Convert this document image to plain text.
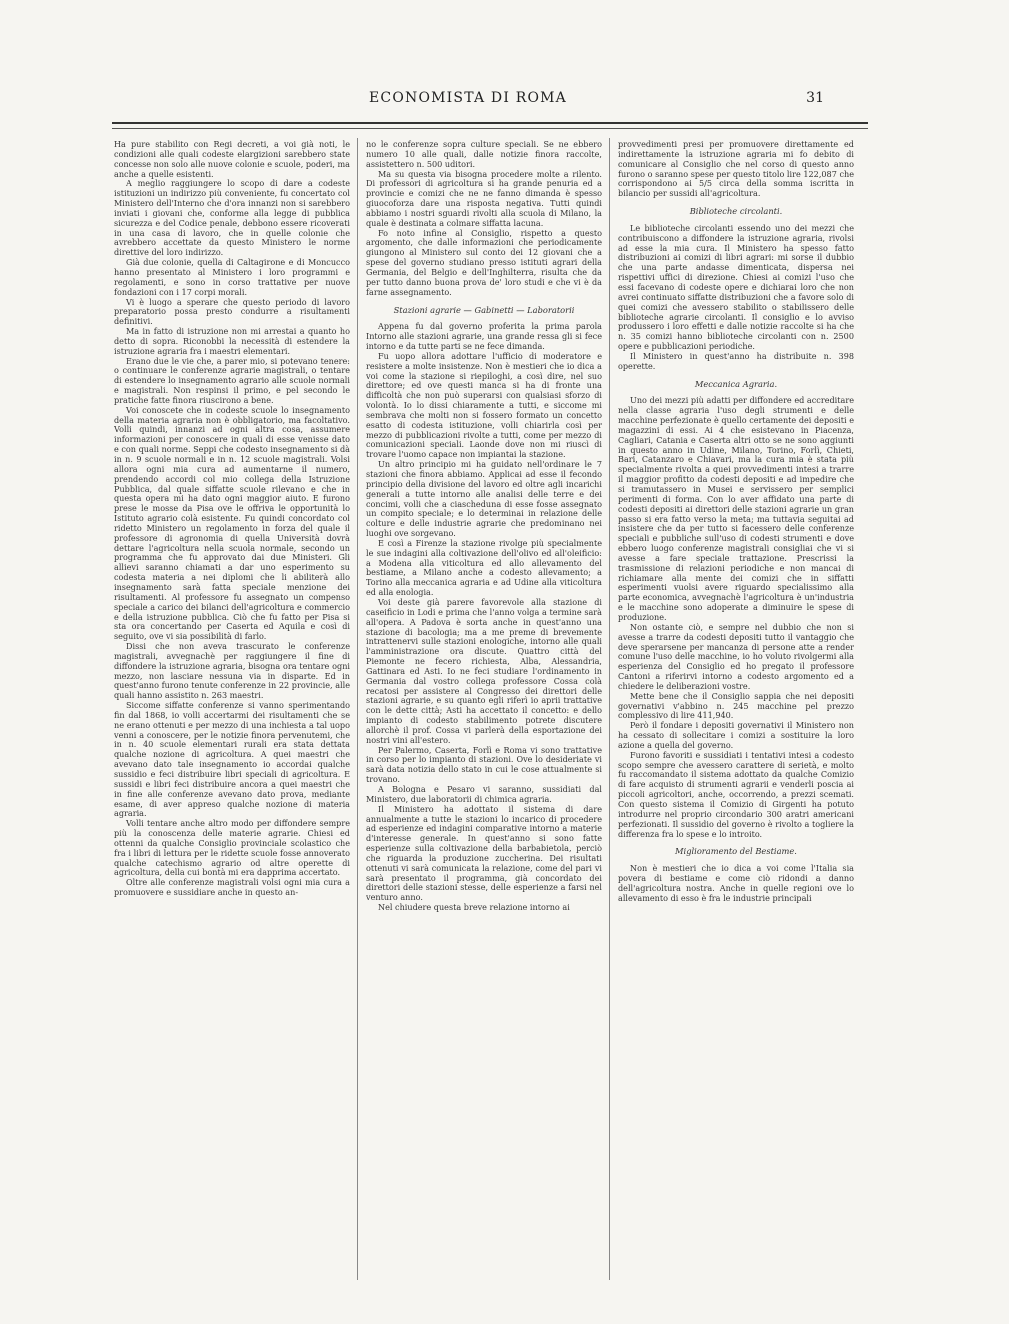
ECONOMISTA DI ROMA	31

Ha pure stabilito con Regi decreti, a voi già noti, le condizioni alle quali codeste elargizioni sarebbero state concesse non solo alle nuove colonie e scuole, poderi, ma anche a quelle esistenti.

A meglio raggiungere lo scopo di dare a codeste istituzioni un indirizzo più conveniente, fu concertato col Ministero dell'Interno che d'ora innanzi non si sarebbero inviati i giovani che, conforme alla legge di pubblica sicurezza e del Codice penale, debbono essere ricoverati in una casa di lavoro, che in quelle colonie che avrebbero accettate da questo Ministero le norme direttive del loro indirizzo.

Già due colonie, quella di Caltagirone e di Moncucco hanno presentato al Ministero i loro programmi e regolamenti, e sono in corso trattative per nuove fondazioni con i 17 corpi morali.

Vi è luogo a sperare che questo periodo di lavoro preparatorio possa presto condurre a risultamenti definitivi.

Ma in fatto di istruzione non mi arrestai a quanto ho detto di sopra. Riconobbi la necessità di estendere la istruzione agraria fra i maestri elementari.

Erano due le vie che, a parer mio, si potevano tenere: o continuare le conferenze agrarie magistrali, o tentare di estendere lo insegnamento agrario alle scuole normali e magistrali. Non respinsi il primo, e pel secondo le pratiche fatte finora riuscirono a bene.

Voi conoscete che in codeste scuole lo insegnamento della materia agraria non è obbligatorio, ma facoltativo. Volli quindi, innanzi ad ogni altra cosa, assumere informazioni per conoscere in quali di esse venisse dato e con quali norme. Seppi che codesto insegnamento si dà in n. 9 scuole normali e in n. 12 scuole magistrali. Volsi allora ogni mia cura ad aumentarne il numero, prendendo accordi col mio collega della Istruzione Pubblica, dal quale siffatte scuole rilevano e che in questa opera mi ha dato ogni maggior aiuto. E furono prese le mosse da Pisa ove le offriva le opportunità lo Istituto agrario colà esistente. Fu quindi concordato col ridetto Ministero un regolamento in forza del quale il professore di agronomia di quella Università dovrà dettare l'agricoltura nella scuola normale, secondo un programma che fu approvato dai due Ministeri. Gli allievi saranno chiamati a dar uno esperimento su codesta materia a nei diplomi che li abiliterà allo insegnamento sarà fatta speciale menzione dei risultamenti. Al professore fu assegnato un compenso speciale a carico dei bilanci dell'agricoltura e commercio e della istruzione pubblica. Ciò che fu fatto per Pisa si sta ora concertando per Caserta ed Aquila e così di seguito, ove vi sia possibilità di farlo.

Dissi che non aveva trascurato le conferenze magistrali, avvegnachè per raggiungere il fine di diffondere la istruzione agraria, bisogna ora tentare ogni mezzo, non lasciare nessuna via in disparte. Ed in quest'anno furono tenute conferenze in 22 provincie, alle quali hanno assistito n. 263 maestri.

Siccome siffatte conferenze si vanno sperimentando fin dal 1868, io volli accertarmi dei risultamenti che se ne erano ottenuti e per mezzo di una inchiesta a tal uopo venni a conoscere, per le notizie finora pervenutemi, che in n. 40 scuole elementari rurali era stata dettata qualche nozione di agricoltura. A quei maestri che avevano dato tale insegnamento io accordai qualche sussidio e feci distribuire libri speciali di agricoltura. E sussidi e libri feci distribuire ancora a quei maestri che in fine alle conferenze avevano dato prova, mediante esame, di aver appreso qualche nozione di materia agraria.

Volli tentare anche altro modo per diffondere sempre più la conoscenza delle materie agrarie. Chiesi ed ottenni da qualche Consiglio provinciale scolastico che fra i libri di lettura per le ridette scuole fosse annoverato qualche catechismo agrario od altre operette di agricoltura, della cui bontà mi era dapprima accertato.

Oltre alle conferenze magistrali volsi ogni mia cura a promuovere e sussidiare anche in questo an-

no le conferenze sopra culture speciali. Se ne ebbero numero 10 alle quali, dalle notizie finora raccolte, assistettero n. 500 uditori.

Ma su questa via bisogna procedere molte a rilento. Di professori di agricoltura si ha grande penuria ed a provincie e comizi che ne ne fanno dimanda è spesso giuocoforza dare una risposta negativa. Tutti quindi abbiamo i nostri sguardi rivolti alla scuola di Milano, la quale è destinata a colmare siffatta lacuna.

Fo noto infine al Consiglio, rispetto a questo argomento, che dalle informazioni che periodicamente giungono al Ministero sul conto dei 12 giovani che a spese del governo studiano presso istituti agrari della Germania, del Belgio e dell'Inghilterra, risulta che da per tutto danno buona prova de' loro studi e che vi è da farne assegnamento.

Stazioni agrarie — Gabinetti — Laboratorii

Appena fu dal governo proferita la prima parola Intorno alle stazioni agrarie, una grande ressa gli si fece intorno e da tutte parti se ne fece dimanda.

Fu uopo allora adottare l'ufficio di moderatore e resistere a molte insistenze. Non è mestieri che io dica a voi come la stazione si riepiloghi, a così dire, nel suo direttore; ed ove questi manca si ha di fronte una difficoltà che non può superarsi con qualsiasi sforzo di volontà. Io lo dissi chiaramente a tutti, e siccome mi sembrava che molti non si fossero formato un concetto esatto di codesta istituzione, volli chiarirla così per mezzo di pubblicazioni rivolte a tutti, come per mezzo di comunicazioni speciali. Laonde dove non mi riuscì di trovare l'uomo capace non impiantai la stazione.

Un altro principio mi ha guidato nell'ordinare le 7 stazioni che finora abbiamo. Applicai ad esse il fecondo principio della divisione del lavoro ed oltre agli incarichi generali a tutte intorno alle analisi delle terre e dei concimi, volli che a ciascheduna di esse fosse assegnato un compito speciale; e lo determinai in relazione delle colture e delle industrie agrarie che predominano nei luoghi ove sorgevano.

E così a Firenze la stazione rivolge più specialmente le sue indagini alla coltivazione dell'olivo ed all'oleificio: a Modena alla viticoltura ed allo allevamento del bestiame, a Milano anche a codesto allevamento; a Torino alla meccanica agraria e ad Udine alla viticoltura ed alla enologia.

Voi deste già parere favorevole alla stazione di caseificio in Lodi e prima che l'anno volga a termine sarà all'opera. A Padova è sorta anche in quest'anno una stazione di bacologia; ma a me preme di brevemente intrattenervi sulle stazioni enologiche, intorno alle quali l'amministrazione ora discute. Quattro città del Piemonte ne fecero richiesta, Alba, Alessandria, Gattinara ed Asti. Io ne feci studiare l'ordinamento in Germania dal vostro collega professore Cossa colà recatosi per assistere al Congresso dei direttori delle stazioni agrarie, e su quanto egli riferì io aprii trattative con le dette città; Asti ha accettato il concetto: e dello impianto di codesto stabilimento potrete discutere allorchè il prof. Cossa vi parlerà della esportazione dei nostri vini all'estero.

Per Palermo, Caserta, Forlì e Roma vi sono trattative in corso per lo impianto di stazioni. Ove lo desideriate vi sarà data notizia dello stato in cui le cose attualmente si trovano.

A Bologna e Pesaro vi saranno, sussidiati dal Ministero, due laboratorii di chimica agraria.

Il Ministero ha adottato il sistema di dare annualmente a tutte le stazioni lo incarico di procedere ad esperienze ed indagini comparative intorno a materie d'interesse generale. In quest'anno si sono fatte esperienze sulla coltivazione della barbabietola, perciò che riguarda la produzione zuccherina. Dei risultati ottenuti vi sarà comunicata la relazione, come del pari vi sarà presentato il programma, già concordato dei direttori delle stazioni stesse, delle esperienze a farsi nel venturo anno.

Nel chiudere questa breve relazione intorno ai

provvedimenti presi per promuovere direttamente ed indirettamente la istruzione agraria mi fo debito di comunicare al Consiglio che nel corso di questo anno furono o saranno spese per questo titolo lire 122,087 che corrispondono ai 5/5 circa della somma iscritta in bilancio per sussidi all'agricoltura.

Biblioteche circolanti.

Le biblioteche circolanti essendo uno dei mezzi che contribuiscono a diffondere la istruzione agraria, rivolsi ad esse la mia cura. Il Ministero ha spesso fatto distribuzioni ai comizi di libri agrari: mi sorse il dubbio che una parte andasse dimenticata, dispersa nei rispettivi uffici di direzione. Chiesi ai comizi l'uso che essi facevano di codeste opere e dichiarai loro che non avrei continuato siffatte distribuzioni che a favore solo di quei comizi che avessero stabilito o stabilissero delle biblioteche agrarie circolanti. Il consiglio e lo avviso produssero i loro effetti e dalle notizie raccolte si ha che n. 35 comizi hanno biblioteche circolanti con n. 2500 opere e pubblicazioni periodiche.

Il Ministero in quest'anno ha distribuite n. 398 operette.

Meccanica Agraria.

Uno dei mezzi più adatti per diffondere ed accreditare nella classe agraria l'uso degli strumenti e delle macchine perfezionate è quello certamente dei depositi e magazzini di essi. Ai 4 che esistevano in Piacenza, Cagliari, Catania e Caserta altri otto se ne sono aggiunti in questo anno in Udine, Milano, Torino, Forlì, Chieti, Bari, Catanzaro e Chiavari, ma la cura mia è stata più specialmente rivolta a quei provvedimenti intesi a trarre il maggior profitto da codesti depositi e ad impedire che si tramutassero in Musei e servissero per semplici perimenti di forma. Con lo aver affidato una parte di codesti depositi ai direttori delle stazioni agrarie un gran passo si era fatto verso la meta; ma tuttavia seguitai ad insistere che da per tutto si facessero delle conferenze speciali e pubbliche sull'uso di codesti strumenti e dove ebbero luogo conferenze magistrali consigliai che vi si avesse a fare speciale trattazione. Prescrissi la trasmissione di relazioni periodiche e non mancai di richiamare alla mente dei comizi che in siffatti esperimenti vuolsi avere riguardo specialissimo alla parte economica, avvegnachè l'agricoltura è un'industria e le macchine sono adoperate a diminuire le spese di produzione.

Non ostante ciò, e sempre nel dubbio che non si avesse a trarre da codesti depositi tutto il vantaggio che deve sperarsene per mancanza di persone atte a render comune l'uso delle macchine, io ho voluto rivolgermi alla esperienza del Consiglio ed ho pregato il professore Cantoni a riferirvi intorno a codesto argomento ed a chiedere le deliberazioni vostre.

Mette bene che il Consiglio sappia che nei depositi governativi v'abbino n. 245 macchine pel prezzo complessivo di lire 411,940.

Però il fondare i depositi governativi il Ministero non ha cessato di sollecitare i comizi a sostituire la loro azione a quella del governo.

Furono favoriti e sussidiati i tentativi intesi a codesto scopo sempre che avessero carattere di serietà, e molto fu raccomandato il sistema adottato da qualche Comizio di fare acquisto di strumenti agrarii e venderli poscia ai piccoli agricoltori, anche, occorrendo, a prezzi scemati. Con questo sistema il Comizio di Girgenti ha potuto introdurre nel proprio circondario 300 aratri americani perfezionati. Il sussidio del governo è rivolto a togliere la differenza fra lo spese e lo introito.

Miglioramento del Bestiame.

Non è mestieri che io dica a voi come l'Italia sia povera di bestiame e come ciò ridondi a danno dell'agricoltura nostra. Anche in quelle regioni ove lo allevamento di esso è fra le industrie principali
